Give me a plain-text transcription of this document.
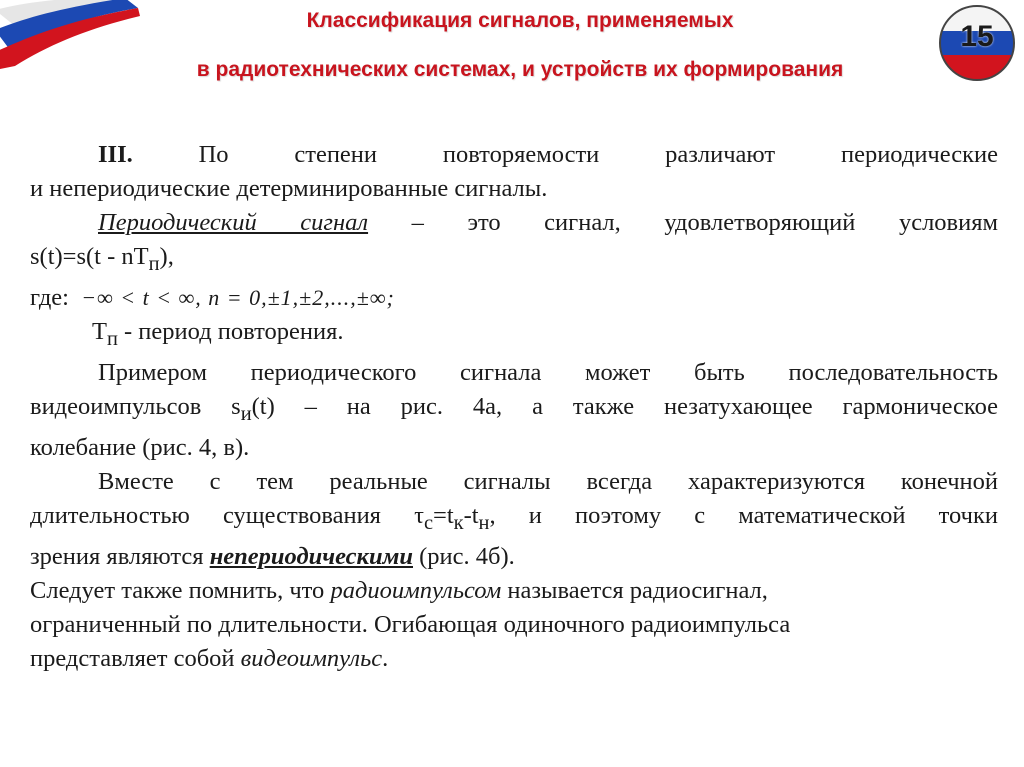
Классификация сигналов, применяемых
в радиотехнических системах, и устройств их формирования
15

III.	По степени повторяемости различают периодические

и непериодические детерминированные сигналы.

Периодический сигнал – это сигнал, удовлетворяющий условиям

$s(t)=s(t - nT_п)$,

где: −∞ < t < ∞, n = 0,±1,±2,...,±∞;

$T_п$ - период повторения.

Примером периодического сигнала может быть последовательность

видеоимпульсов $s_и(t)$ – на рис. 4а, а также незатухающее гармоническое

колебание (рис. 4, в).

Вместе с тем реальные сигналы всегда характеризуются конечной

длительностью существования $\tau_с=t_к-t_н$, и поэтому с математической точки

зрения являются непериодическими (рис. 4б).

Следует также помнить, что радиоимпульсом называется радиосигнал,

ограниченный по длительности. Огибающая одиночного радиоимпульса

представляет собой видеоимпульс.
